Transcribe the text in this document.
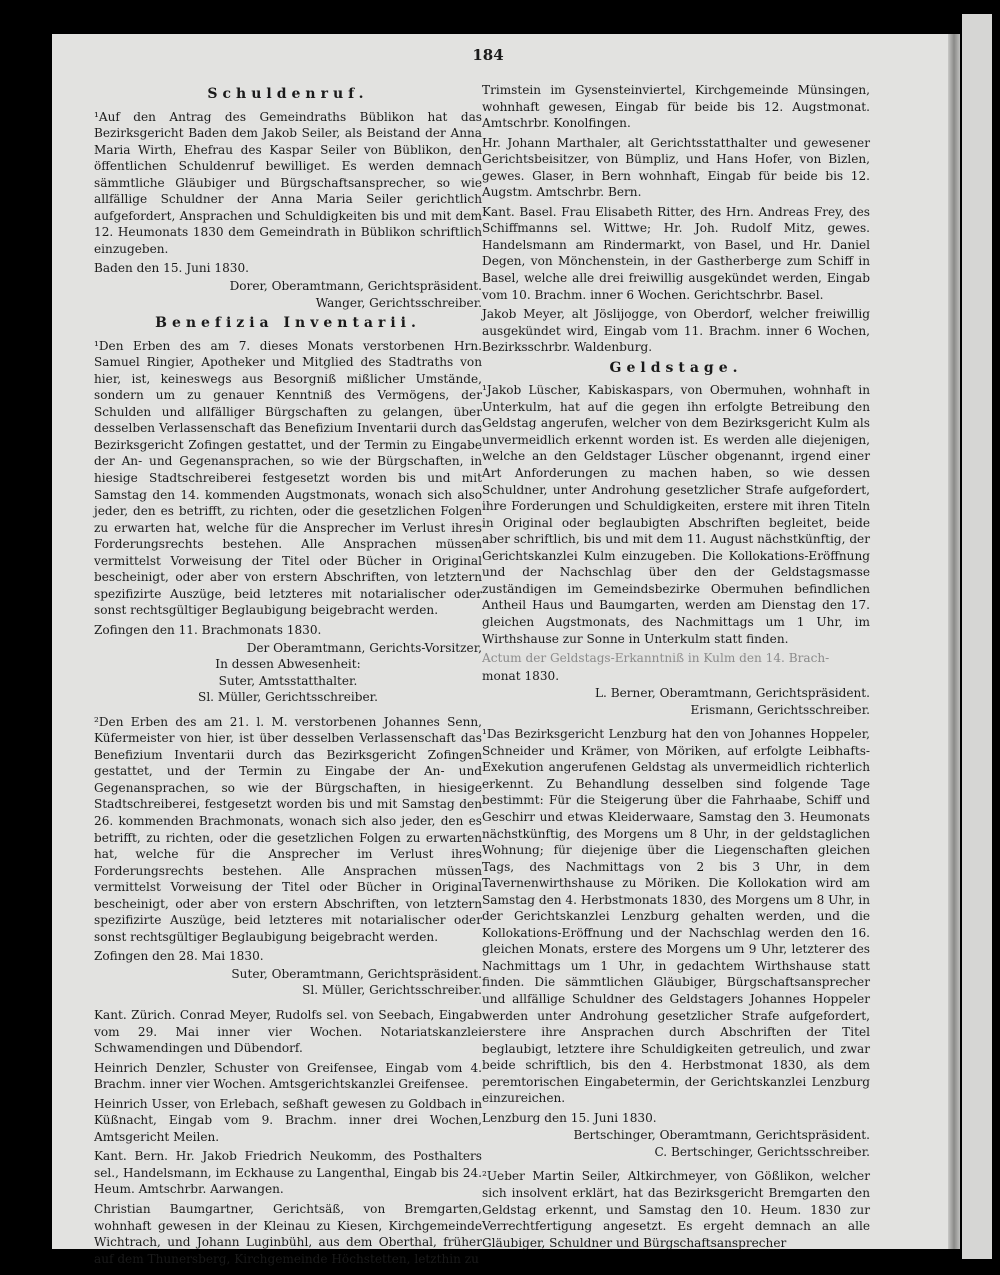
184
Schuldenruf.

¹Auf den Antrag des Gemeindraths Büblikon hat das Bezirksgericht Baden dem Jakob Seiler, als Beistand der Anna Maria Wirth, Ehefrau des Kaspar Seiler von Büblikon, den öffentlichen Schuldenruf bewilliget. Es werden demnach sämmtliche Gläubiger und Bürgschaftsansprecher, so wie allfällige Schuldner der Anna Maria Seiler gerichtlich aufgefordert, Ansprachen und Schuldigkeiten bis und mit dem 12. Heumonats 1830 dem Gemeindrath in Büblikon schriftlich einzugeben.

Baden den 15. Juni 1830.

Dorer, Oberamtmann, Gerichtspräsident.

Wanger, Gerichtsschreiber.

Benefizia Inventarii.

¹Den Erben des am 7. dieses Monats verstorbenen Hrn. Samuel Ringier, Apotheker und Mitglied des Stadtraths von hier, ist, keineswegs aus Besorgniß mißlicher Umstände, sondern um zu genauer Kenntniß des Vermögens, der Schulden und allfälliger Bürgschaften zu gelangen, über desselben Verlassenschaft das Benefizium Inventarii durch das Bezirksgericht Zofingen gestattet, und der Termin zu Eingabe der An- und Gegenansprachen, so wie der Bürgschaften, in hiesige Stadtschreiberei festgesetzt worden bis und mit Samstag den 14. kommenden Augstmonats, wonach sich also jeder, den es betrifft, zu richten, oder die gesetzlichen Folgen zu erwarten hat, welche für die Ansprecher im Verlust ihres Forderungsrechts bestehen. Alle Ansprachen müssen vermittelst Vorweisung der Titel oder Bücher in Original bescheinigt, oder aber von erstern Abschriften, von letztern spezifizirte Auszüge, beid letzteres mit notarialischer oder sonst rechtsgültiger Beglaubigung beigebracht werden.

Zofingen den 11. Brachmonats 1830.

Der Oberamtmann, Gerichts-Vorsitzer,

In dessen Abwesenheit:

Suter, Amtsstatthalter.

Sl. Müller, Gerichtsschreiber.

²Den Erben des am 21. l. M. verstorbenen Johannes Senn, Küfermeister von hier, ist über desselben Verlassenschaft das Benefizium Inventarii durch das Bezirksgericht Zofingen gestattet, und der Termin zu Eingabe der An- und Gegenansprachen, so wie der Bürgschaften, in hiesige Stadtschreiberei, festgesetzt worden bis und mit Samstag den 26. kommenden Brachmonats, wonach sich also jeder, den es betrifft, zu richten, oder die gesetzlichen Folgen zu erwarten hat, welche für die Ansprecher im Verlust ihres Forderungsrechts bestehen. Alle Ansprachen müssen vermittelst Vorweisung der Titel oder Bücher in Original bescheinigt, oder aber von erstern Abschriften, von letztern spezifizirte Auszüge, beid letzteres mit notarialischer oder sonst rechtsgültiger Beglaubigung beigebracht werden.

Zofingen den 28. Mai 1830.

Suter, Oberamtmann, Gerichtspräsident.

Sl. Müller, Gerichtsschreiber.

Kant. Zürich. Conrad Meyer, Rudolfs sel. von Seebach, Eingab vom 29. Mai inner vier Wochen. Notariatskanzlei Schwamendingen und Dübendorf.

Heinrich Denzler, Schuster von Greifensee, Eingab vom 4. Brachm. inner vier Wochen. Amtsgerichtskanzlei Greifensee.

Heinrich Usser, von Erlebach, seßhaft gewesen zu Goldbach in Küßnacht, Eingab vom 9. Brachm. inner drei Wochen, Amtsgericht Meilen.

Kant. Bern. Hr. Jakob Friedrich Neukomm, des Posthalters sel., Handelsmann, im Eckhause zu Langenthal, Eingab bis 24. Heum. Amtschrbr. Aarwangen.

Christian Baumgartner, Gerichtsäß, von Bremgarten, wohnhaft gewesen in der Kleinau zu Kiesen, Kirchgemeinde Wichtrach, und Johann Luginbühl, aus dem Oberthal, früher auf dem Thunersberg, Kirchgemeinde Höchstetten, letzthin zu

Trimstein im Gysensteinviertel, Kirchgemeinde Münsingen, wohnhaft gewesen, Eingab für beide bis 12. Augstmonat. Amtschrbr. Konolfingen.

Hr. Johann Marthaler, alt Gerichtsstatthalter und gewesener Gerichtsbeisitzer, von Bümpliz, und Hans Hofer, von Bizlen, gewes. Glaser, in Bern wohnhaft, Eingab für beide bis 12. Augstm. Amtschrbr. Bern.

Kant. Basel. Frau Elisabeth Ritter, des Hrn. Andreas Frey, des Schiffmanns sel. Wittwe; Hr. Joh. Rudolf Mitz, gewes. Handelsmann am Rindermarkt, von Basel, und Hr. Daniel Degen, von Mönchenstein, in der Gastherberge zum Schiff in Basel, welche alle drei freiwillig ausgekündet werden, Eingab vom 10. Brachm. inner 6 Wochen. Gerichtschrbr. Basel.

Jakob Meyer, alt Jöslijogge, von Oberdorf, welcher freiwillig ausgekündet wird, Eingab vom 11. Brachm. inner 6 Wochen, Bezirksschrbr. Waldenburg.

Geldstage.

¹Jakob Lüscher, Kabiskaspars, von Obermuhen, wohnhaft in Unterkulm, hat auf die gegen ihn erfolgte Betreibung den Geldstag angerufen, welcher von dem Bezirksgericht Kulm als unvermeidlich erkennt worden ist. Es werden alle diejenigen, welche an den Geldstager Lüscher obgenannt, irgend einer Art Anforderungen zu machen haben, so wie dessen Schuldner, unter Androhung gesetzlicher Strafe aufgefordert, ihre Forderungen und Schuldigkeiten, erstere mit ihren Titeln in Original oder beglaubigten Abschriften begleitet, beide aber schriftlich, bis und mit dem 11. August nächstkünftig, der Gerichtskanzlei Kulm einzugeben. Die Kollokations-Eröffnung und der Nachschlag über den der Geldstagsmasse zuständigen im Gemeindsbezirke Obermuhen befindlichen Antheil Haus und Baumgarten, werden am Dienstag den 17. gleichen Augstmonats, des Nachmittags um 1 Uhr, im Wirthshause zur Sonne in Unterkulm statt finden.

Actum der Geldstags-Erkanntniß in Kulm den 14. Brach-

monat 1830.

L. Berner, Oberamtmann, Gerichtspräsident.

Erismann, Gerichtsschreiber.

¹Das Bezirksgericht Lenzburg hat den von Johannes Hoppeler, Schneider und Krämer, von Möriken, auf erfolgte Leibhafts-Exekution angerufenen Geldstag als unvermeidlich richterlich erkennt. Zu Behandlung desselben sind folgende Tage bestimmt: Für die Steigerung über die Fahrhaabe, Schiff und Geschirr und etwas Kleiderwaare, Samstag den 3. Heumonats nächstkünftig, des Morgens um 8 Uhr, in der geldstaglichen Wohnung; für diejenige über die Liegenschaften gleichen Tags, des Nachmittags von 2 bis 3 Uhr, in dem Tavernenwirthshause zu Möriken. Die Kollokation wird am Samstag den 4. Herbstmonats 1830, des Morgens um 8 Uhr, in der Gerichtskanzlei Lenzburg gehalten werden, und die Kollokations-Eröffnung und der Nachschlag werden den 16. gleichen Monats, erstere des Morgens um 9 Uhr, letzterer des Nachmittags um 1 Uhr, in gedachtem Wirthshause statt finden. Die sämmtlichen Gläubiger, Bürgschaftsansprecher und allfällige Schuldner des Geldstagers Johannes Hoppeler werden unter Androhung gesetzlicher Strafe aufgefordert, erstere ihre Ansprachen durch Abschriften der Titel beglaubigt, letztere ihre Schuldigkeiten getreulich, und zwar beide schriftlich, bis den 4. Herbstmonat 1830, als dem peremtorischen Eingabetermin, der Gerichtskanzlei Lenzburg einzureichen.

Lenzburg den 15. Juni 1830.

Bertschinger, Oberamtmann, Gerichtspräsident.

C. Bertschinger, Gerichtsschreiber.

²Ueber Martin Seiler, Altkirchmeyer, von Gößlikon, welcher sich insolvent erklärt, hat das Bezirksgericht Bremgarten den Geldstag erkennt, und Samstag den 10. Heum. 1830 zur Verrechtfertigung angesetzt. Es ergeht demnach an alle Gläubiger, Schuldner und Bürgschaftsansprecher
